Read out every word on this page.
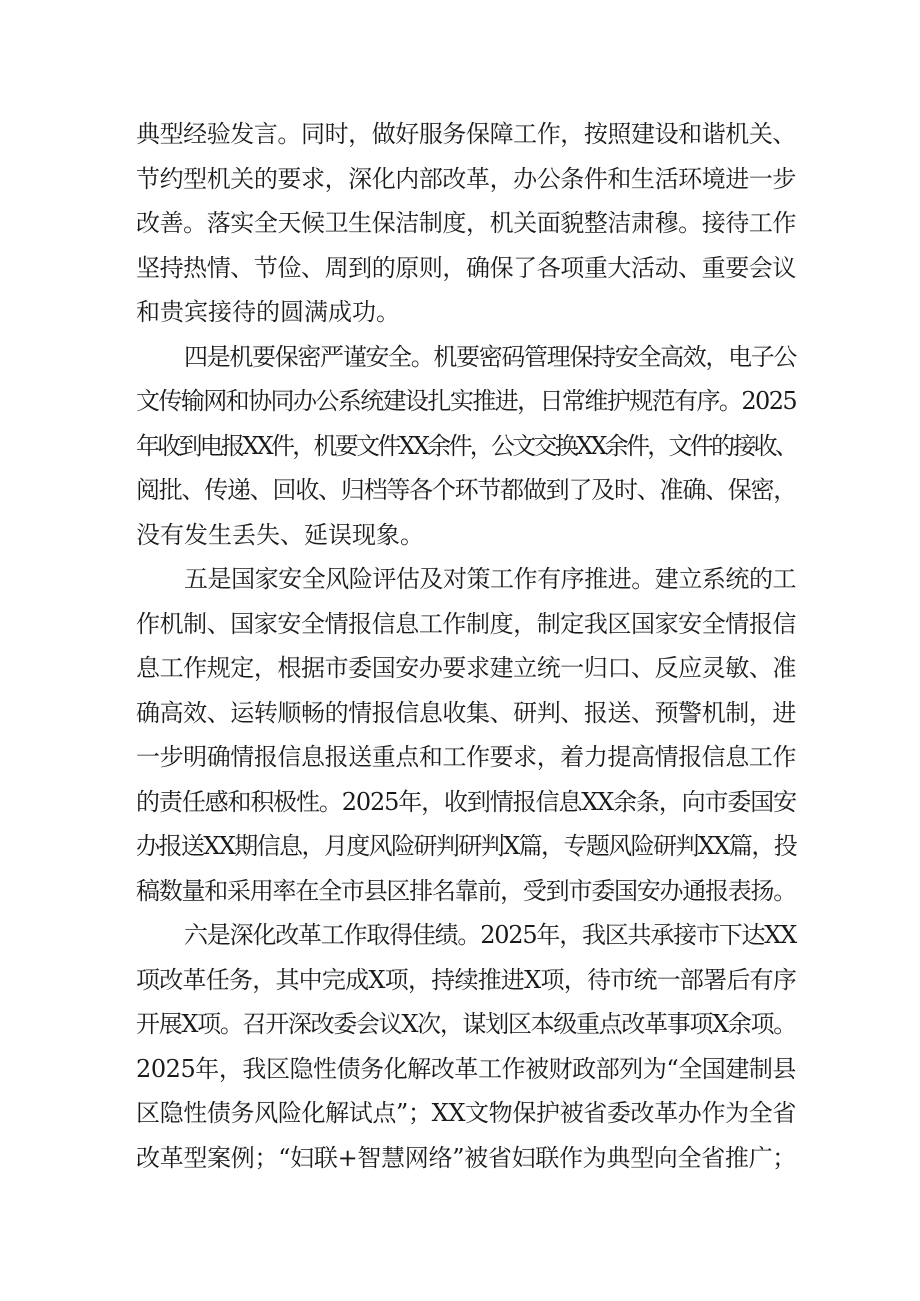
典型经验发言。同时，做好服务保障工作，按照建设和谐机关、
节约型机关的要求，深化内部改革，办公条件和生活环境进一步
改善。落实全天候卫生保洁制度，机关面貌整洁肃穆。接待工作
坚持热情、节俭、周到的原则，确保了各项重大活动、重要会议
和贵宾接待的圆满成功。
四是机要保密严谨安全。机要密码管理保持安全高效，电子公
文传输网和协同办公系统建设扎实推进，日常维护规范有序。2025
年收到电报XX件，机要文件XX余件，公文交换XX余件，文件的接收、
阅批、传递、回收、归档等各个环节都做到了及时、准确、保密，
没有发生丢失、延误现象。
五是国家安全风险评估及对策工作有序推进。建立系统的工
作机制、国家安全情报信息工作制度，制定我区国家安全情报信
息工作规定，根据市委国安办要求建立统一归口、反应灵敏、准
确高效、运转顺畅的情报信息收集、研判、报送、预警机制，进
一步明确情报信息报送重点和工作要求，着力提高情报信息工作
的责任感和积极性。2025年，收到情报信息XX余条，向市委国安
办报送XX期信息，月度风险研判研判X篇，专题风险研判XX篇，投
稿数量和采用率在全市县区排名靠前，受到市委国安办通报表扬。
六是深化改革工作取得佳绩。2025年，我区共承接市下达XX
项改革任务，其中完成X项，持续推进X项，待市统一部署后有序
开展X项。召开深改委会议X次，谋划区本级重点改革事项X余项。
2025年，我区隐性债务化解改革工作被财政部列为“全国建制县
区隐性债务风险化解试点”；XX文物保护被省委改革办作为全省
改革型案例；“妇联+智慧网络”被省妇联作为典型向全省推广；
